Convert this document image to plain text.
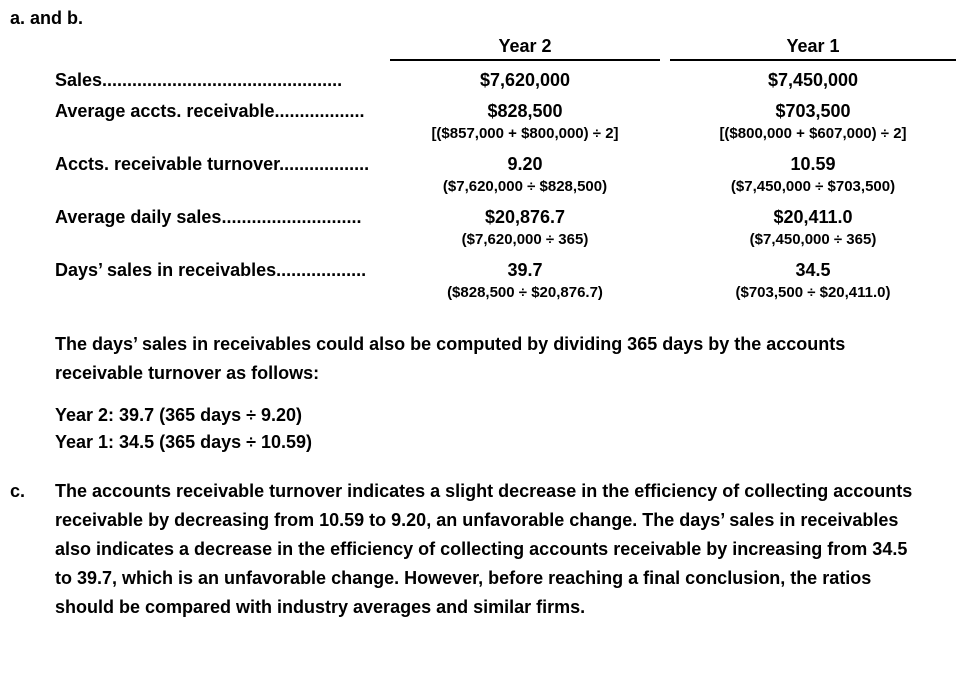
a. and b.
Year 2	Year 1
Sales................................................	$7,620,000	$7,450,000
Average accts. receivable..................	$828,500	$703,500
[($857,000 + $800,000) ÷ 2]	[($800,000 + $607,000) ÷ 2]
Accts. receivable turnover..................	9.20	10.59
($7,620,000 ÷ $828,500)	($7,450,000 ÷ $703,500)
Average daily sales............................	$20,876.7	$20,411.0
($7,620,000 ÷ 365)	($7,450,000 ÷ 365)
Days’ sales in receivables..................	39.7	34.5
($828,500 ÷ $20,876.7)	($703,500 ÷ $20,411.0)
The days’ sales in receivables could also be computed by dividing 365 days by the accounts receivable turnover as follows:
Year 2: 39.7 (365 days ÷ 9.20)
Year 1: 34.5 (365 days ÷ 10.59)
c.	The accounts receivable turnover indicates a slight decrease in the efficiency of collecting accounts receivable by decreasing from 10.59 to 9.20, an unfavorable change. The days’ sales in receivables also indicates a decrease in the efficiency of collecting accounts receivable by increasing from 34.5 to 39.7, which is an unfavorable change. However, before reaching a final conclusion, the ratios should be compared with industry averages and similar firms.
